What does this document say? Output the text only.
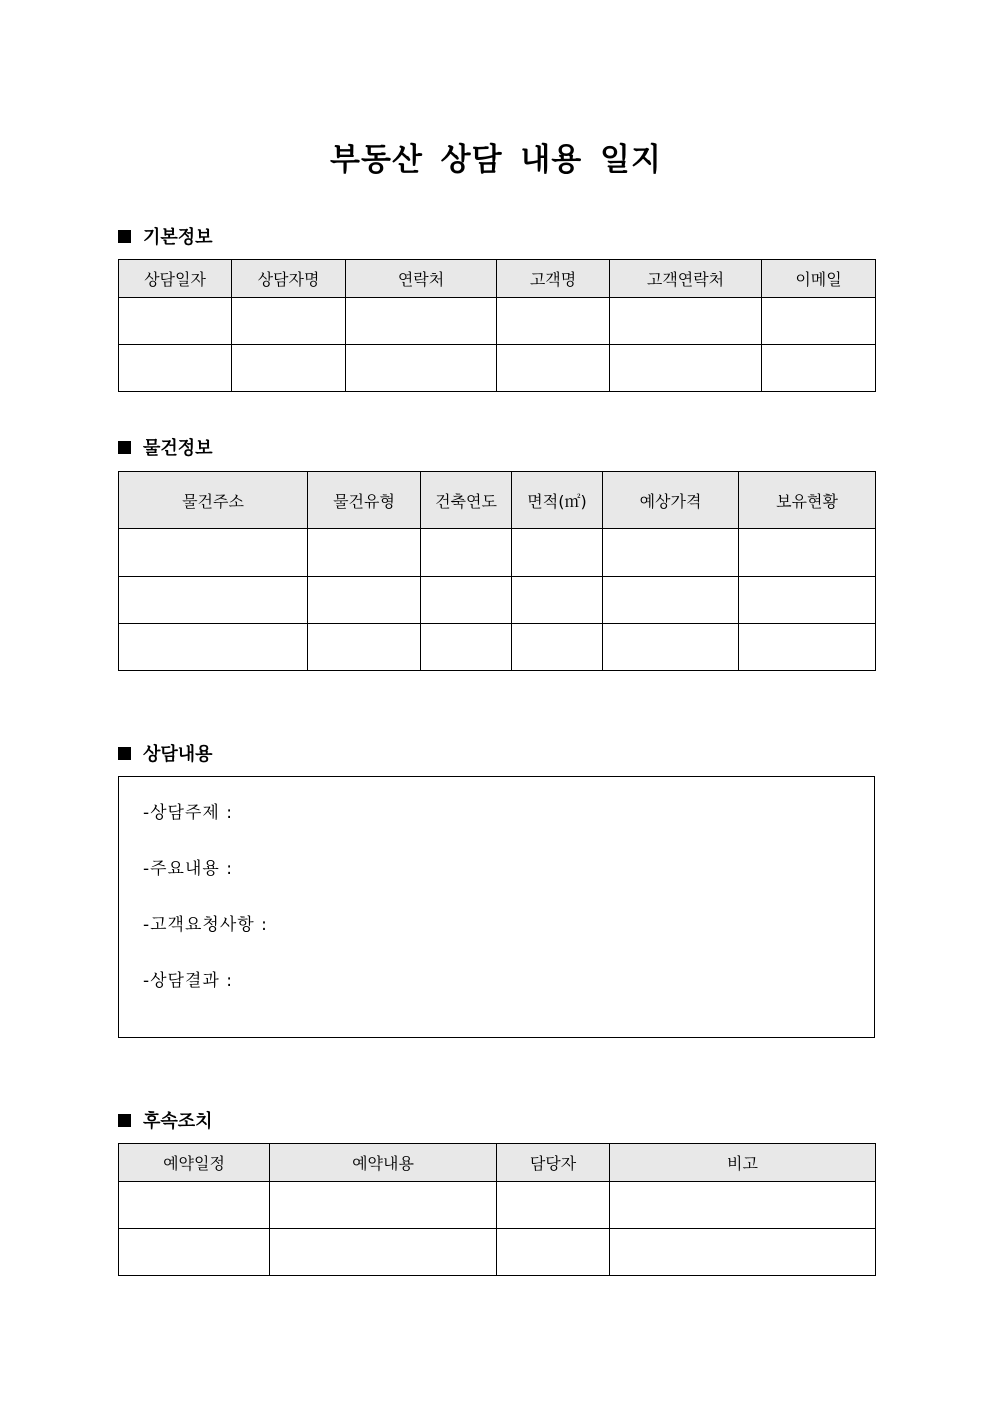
부동산 상담 내용 일지
기본정보
상담일자	상담자명	연락처	고객명	고객연락처	이메일

물건정보
물건주소	물건유형	건축연도	면적(㎡)	예상가격	보유현황

상담내용
-상담주제 :
-주요내용 :
-고객요청사항 :
-상담결과 :
후속조치
예약일정	예약내용	담당자	비고
